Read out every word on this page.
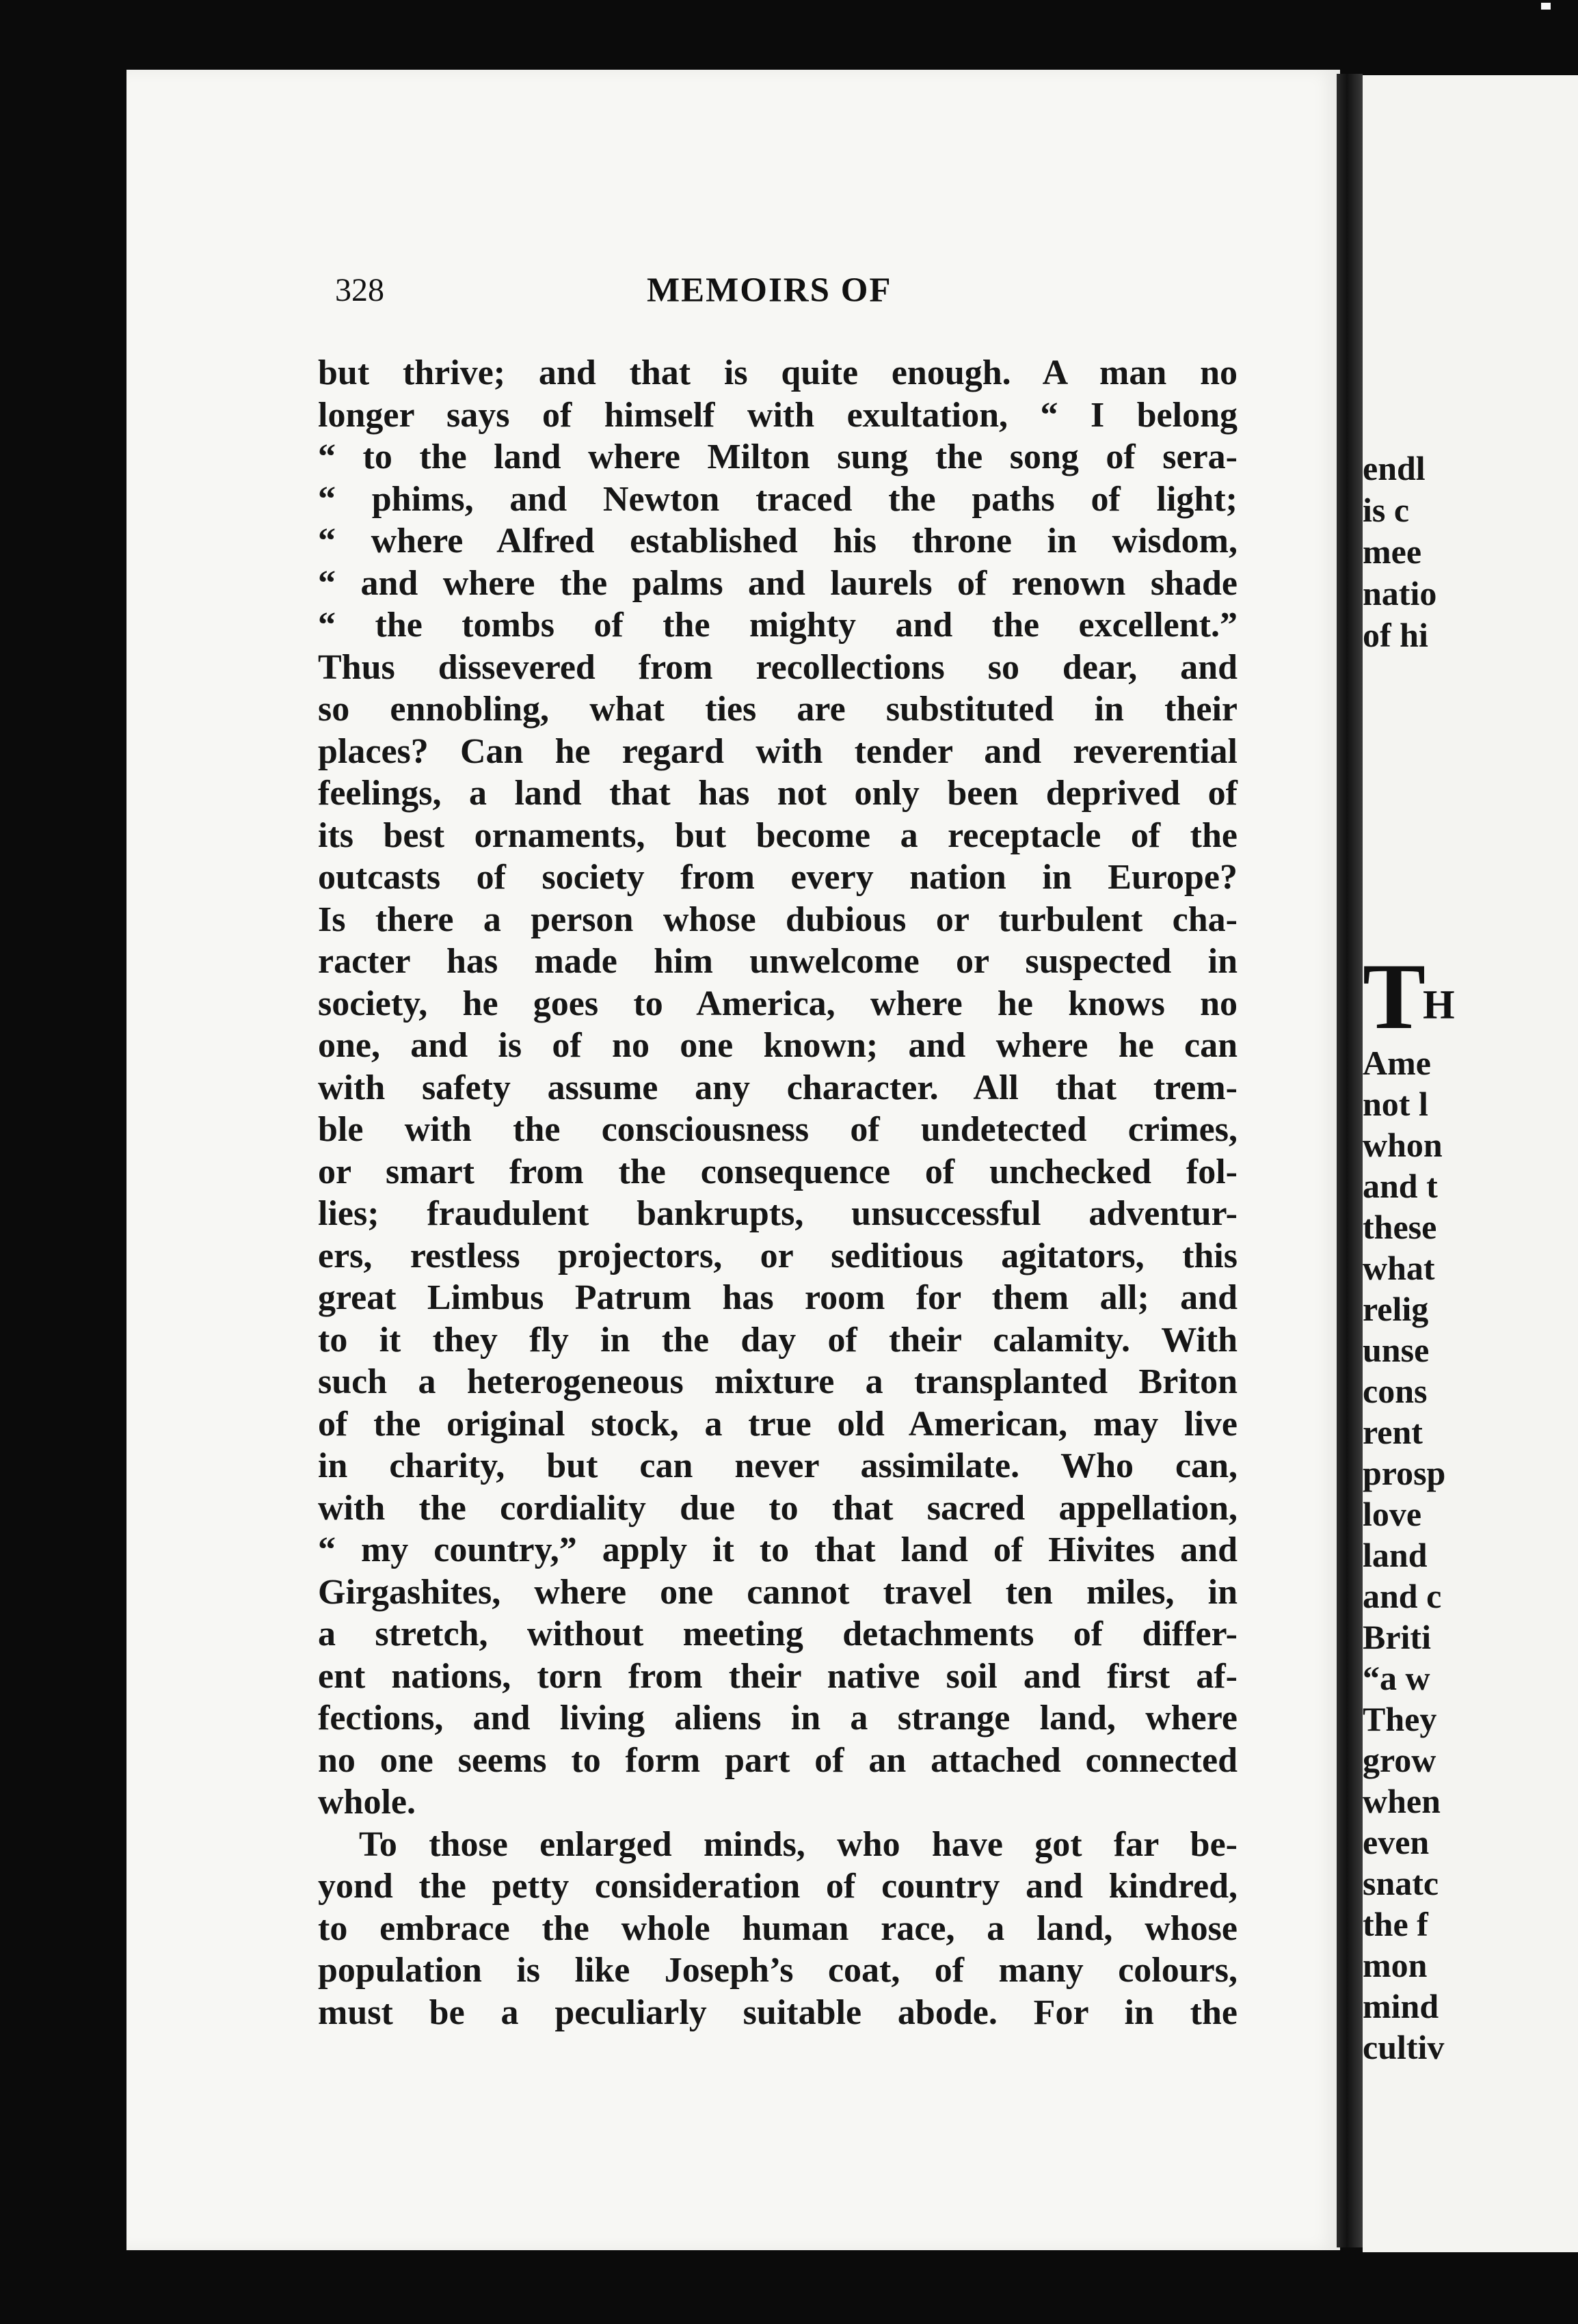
328	MEMOIRS OF
but thrive; and that is quite enough. A man no
longer says of himself with exultation, “ I belong
“ to the land where Milton sung the song of sera-
“ phims, and Newton traced the paths of light;
“ where Alfred established his throne in wisdom,
“ and where the palms and laurels of renown shade
“ the tombs of the mighty and the excellent.”
Thus dissevered from recollections so dear, and
so ennobling, what ties are substituted in their
places? Can he regard with tender and reverential
feelings, a land that has not only been deprived of
its best ornaments, but become a receptacle of the
outcasts of society from every nation in Europe?
Is there a person whose dubious or turbulent cha-
racter has made him unwelcome or suspected in
society, he goes to America, where he knows no
one, and is of no one known; and where he can
with safety assume any character. All that trem-
ble with the consciousness of undetected crimes,
or smart from the consequence of unchecked fol-
lies; fraudulent bankrupts, unsuccessful adventur-
ers, restless projectors, or seditious agitators, this
great Limbus Patrum has room for them all; and
to it they fly in the day of their calamity. With
such a heterogeneous mixture a transplanted Briton
of the original stock, a true old American, may live
in charity, but can never assimilate. Who can,
with the cordiality due to that sacred appellation,
“ my country,” apply it to that land of Hivites and
Girgashites, where one cannot travel ten miles, in
a stretch, without meeting detachments of differ-
ent nations, torn from their native soil and first af-
fections, and living aliens in a strange land, where
no one seems to form part of an attached connected
whole.
To those enlarged minds, who have got far be-
yond the petty consideration of country and kindred,
to embrace the whole human race, a land, whose
population is like Joseph’s coat, of many colours,
must be a peculiarly suitable abode. For in the
endl
is c
mee
natio
of hi
T
H
Ame
not l
whon
and t
these
what
relig
unse
cons
rent
prosp
love
land
and c
Briti
“a w
They
grow
when
even
snatc
the f
mon
mind
cultiv
